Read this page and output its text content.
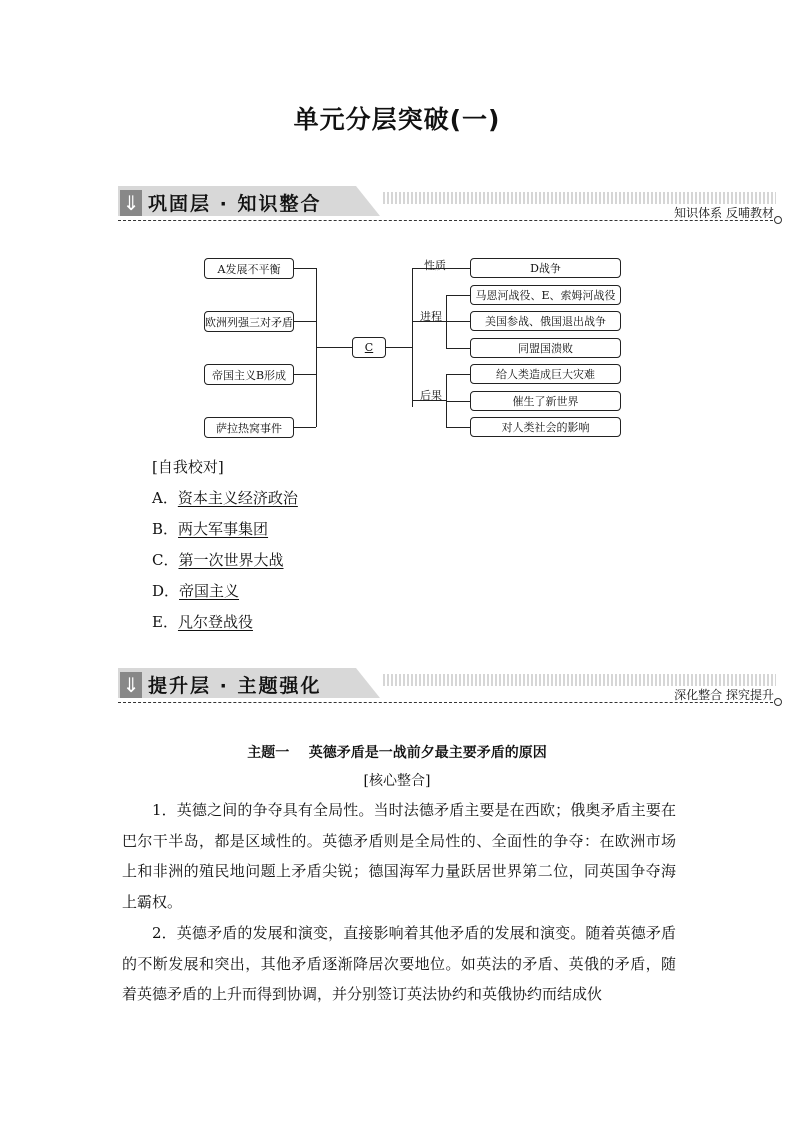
单元分层突破(一)
⇓ 巩固层 · 知识整合	知识体系 反哺教材
A发展不平衡
欧洲列强三对矛盾
帝国主义B形成
萨拉热窝事件
C
性质
进程
后果
D战争
马恩河战役、E、索姆河战役
美国参战、俄国退出战争
同盟国溃败
给人类造成巨大灾难
催生了新世界
对人类社会的影响
[自我校对]
A．资本主义经济政治
B．两大军事集团
C．第一次世界大战
D．帝国主义
E．凡尔登战役
⇓ 提升层 · 主题强化	深化整合 探究提升
主题一    英德矛盾是一战前夕最主要矛盾的原因
[核心整合]
1．英德之间的争夺具有全局性。当时法德矛盾主要是在西欧；俄奥矛盾主要在巴尔干半岛，都是区域性的。英德矛盾则是全局性的、全面性的争夺：在欧洲市场上和非洲的殖民地问题上矛盾尖锐；德国海军力量跃居世界第二位，同英国争夺海上霸权。
2．英德矛盾的发展和演变，直接影响着其他矛盾的发展和演变。随着英德矛盾的不断发展和突出，其他矛盾逐渐降居次要地位。如英法的矛盾、英俄的矛盾，随着英德矛盾的上升而得到协调，并分别签订英法协约和英俄协约而结成伙
